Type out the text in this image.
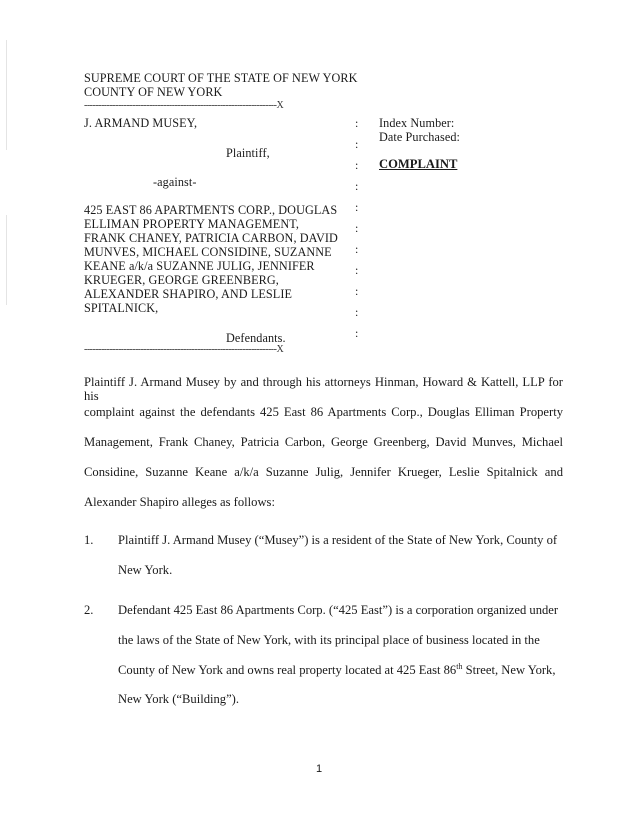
SUPREME COURT OF THE STATE OF NEW YORK
COUNTY OF NEW YORK
--------------------------------------------------------------------X
J. ARMAND MUSEY,
Plaintiff,
-against-
425 EAST 86 APARTMENTS CORP., DOUGLAS
ELLIMAN PROPERTY MANAGEMENT,
FRANK CHANEY, PATRICIA CARBON, DAVID
MUNVES, MICHAEL CONSIDINE, SUZANNE
KEANE a/k/a SUZANNE JULIG, JENNIFER
KRUEGER, GEORGE GREENBERG,
ALEXANDER SHAPIRO, AND LESLIE
SPITALNICK,
Defendants.
--------------------------------------------------------------------X
:
:
:
:
:
:
:
:
:
:
:
Index Number:
Date Purchased:
COMPLAINT
Plaintiff J. Armand Musey by and through his attorneys Hinman, Howard & Kattell, LLP for his
complaint against the defendants 425 East 86 Apartments Corp., Douglas Elliman Property
Management, Frank Chaney, Patricia Carbon, George Greenberg, David Munves, Michael
Considine, Suzanne Keane a/k/a Suzanne Julig, Jennifer Krueger, Leslie Spitalnick and
Alexander Shapiro alleges as follows:
1. Plaintiff J. Armand Musey (“Musey”) is a resident of the State of New York, County of
New York.
2. Defendant 425 East 86 Apartments Corp. (“425 East”) is a corporation organized under
the laws of the State of New York, with its principal place of business located in the
County of New York and owns real property located at 425 East 86th Street, New York,
New York (“Building”).
1
